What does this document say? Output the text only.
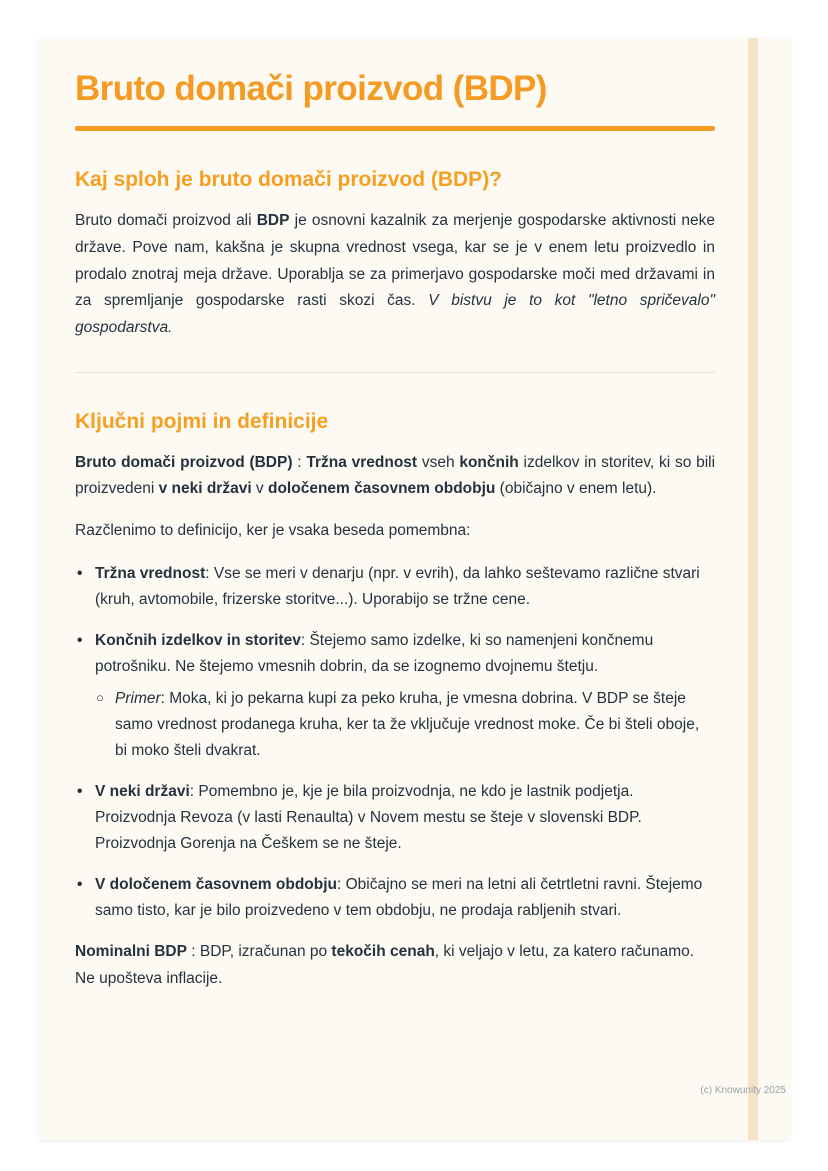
Bruto domači proizvod (BDP)
Kaj sploh je bruto domači proizvod (BDP)?

Bruto domači proizvod ali BDP je osnovni kazalnik za merjenje gospodarske aktivnosti neke države. Pove nam, kakšna je skupna vrednost vsega, kar se je v enem letu proizvedlo in prodalo znotraj meja države. Uporablja se za primerjavo gospodarske moči med državami in za spremljanje gospodarske rasti skozi čas. V bistvu je to kot "letno spričevalo" gospodarstva.

Ključni pojmi in definicije

Bruto domači proizvod (BDP) : Tržna vrednost vseh končnih izdelkov in storitev, ki so bili proizvedeni v neki državi v določenem časovnem obdobju (običajno v enem letu).

Razčlenimo to definicijo, ker je vsaka beseda pomembna:

• Tržna vrednost: Vse se meri v denarju (npr. v evrih), da lahko seštevamo različne stvari (kruh, avtomobile, frizerske storitve...). Uporabijo se tržne cene.
• Končnih izdelkov in storitev: Štejemo samo izdelke, ki so namenjeni končnemu potrošniku. Ne štejemo vmesnih dobrin, da se izognemo dvojnemu štetju.
○ Primer: Moka, ki jo pekarna kupi za peko kruha, je vmesna dobrina. V BDP se šteje samo vrednost prodanega kruha, ker ta že vključuje vrednost moke. Če bi šteli oboje, bi moko šteli dvakrat.
• V neki državi: Pomembno je, kje je bila proizvodnja, ne kdo je lastnik podjetja. Proizvodnja Revoza (v lasti Renaulta) v Novem mestu se šteje v slovenski BDP. Proizvodnja Gorenja na Češkem se ne šteje.
• V določenem časovnem obdobju: Običajno se meri na letni ali četrtletni ravni. Štejemo samo tisto, kar je bilo proizvedeno v tem obdobju, ne prodaja rabljenih stvari.

Nominalni BDP : BDP, izračunan po tekočih cenah, ki veljajo v letu, za katero računamo. Ne upošteva inflacije.

(c) Knowunity 2025
